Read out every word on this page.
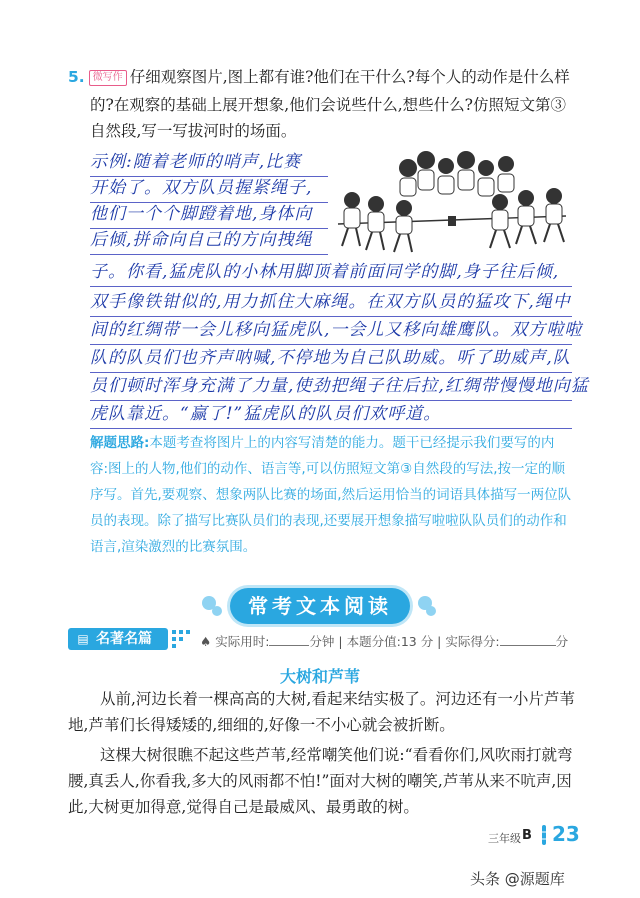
5. 微写作 仔细观察图片,图上都有谁?他们在干什么?每个人的动作是什么样
的?在观察的基础上展开想象,他们会说些什么,想些什么?仿照短文第③
自然段,写一写拔河时的场面。
示例:随着老师的哨声,比赛
开始了。双方队员握紧绳子,
他们一个个脚蹬着地,身体向
后倾,拼命向自己的方向拽绳
子。你看,猛虎队的小林用脚顶着前面同学的脚,身子往后倾,
双手像铁钳似的,用力抓住大麻绳。在双方队员的猛攻下,绳中
间的红绸带一会儿移向猛虎队,一会儿又移向雄鹰队。双方啦啦
队的队员们也齐声呐喊,不停地为自己队助威。听了助威声,队
员们顿时浑身充满了力量,使劲把绳子往后拉,红绸带慢慢地向猛
虎队靠近。“赢了!”猛虎队的队员们欢呼道。
解题思路:本题考查将图片上的内容写清楚的能力。题干已经提示我们要写的内
容:图上的人物,他们的动作、语言等,可以仿照短文第③自然段的写法,按一定的顺
序写。首先,要观察、想象两队比赛的场面,然后运用恰当的词语具体描写一两位队
员的表现。除了描写比赛队员们的表现,还要展开想象描写啦啦队队员们的动作和
语言,渲染激烈的比赛氛围。
常考文本阅读
▤ 名著名篇	♠ 实际用时:	分钟 | 本题分值:13 分 | 实际得分:	分
大树和芦苇
从前,河边长着一棵高高的大树,看起来结实极了。河边还有一小片芦苇
地,芦苇们长得矮矮的,细细的,好像一不小心就会被折断。
这棵大树很瞧不起这些芦苇,经常嘲笑他们说:“看看你们,风吹雨打就弯
腰,真丢人,你看我,多大的风雨都不怕!”面对大树的嘲笑,芦苇从来不吭声,因
此,大树更加得意,觉得自己是最威风、最勇敢的树。
三年级 B 23
头条 @源题库
